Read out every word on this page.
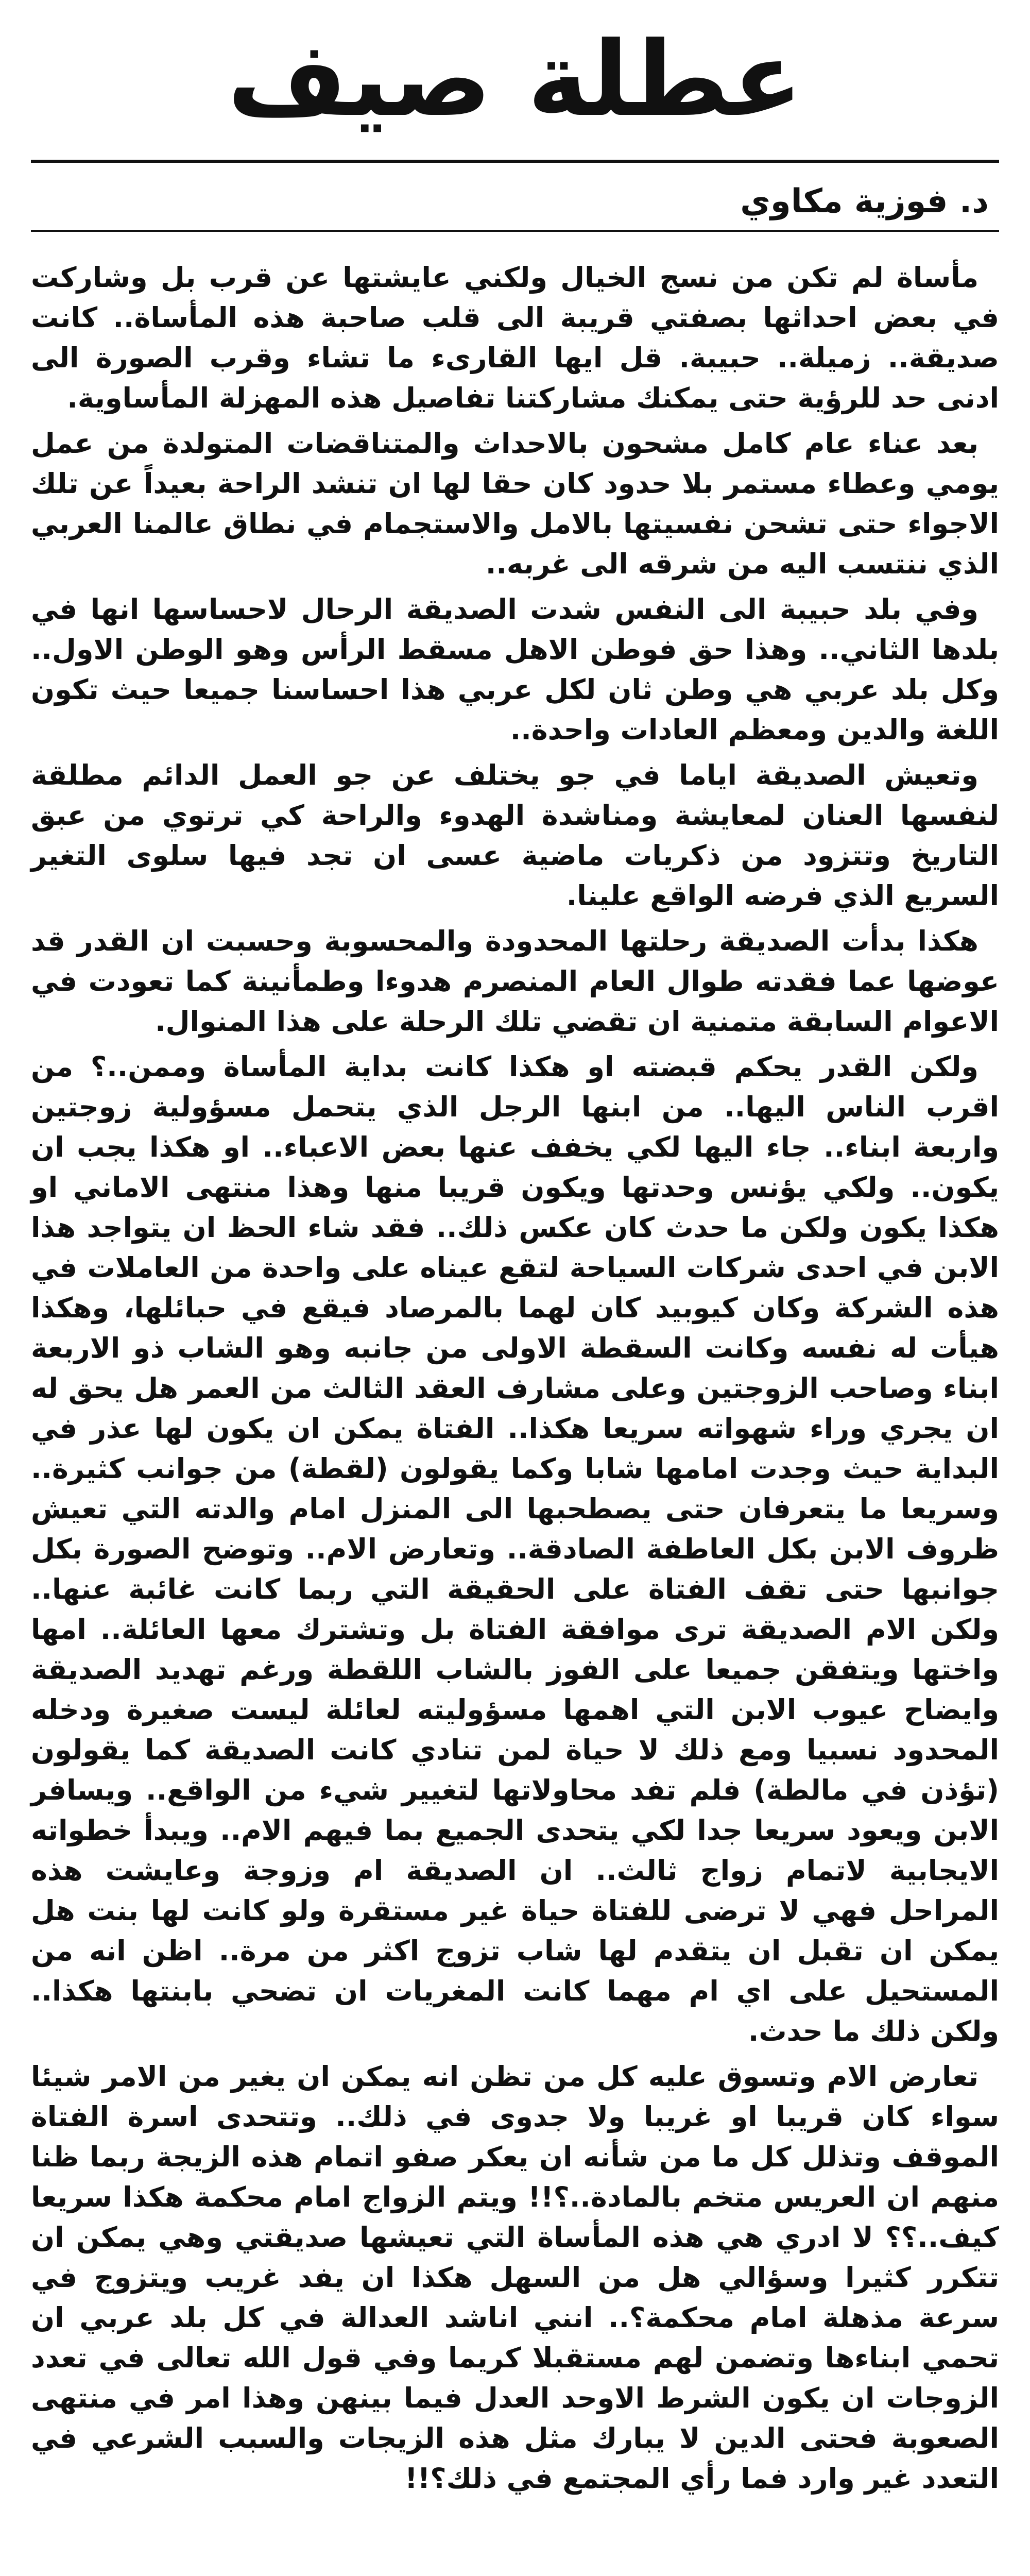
عطلة صيف
د. فوزية مكاوي

مأساة لم تكن من نسج الخيال ولكني عايشتها عن قرب بل وشاركت في بعض احداثها بصفتي قريبة الى قلب صاحبة هذه المأساة.. كانت صديقة.. زميلة.. حبيبة. قل ايها القارىء ما تشاء وقرب الصورة الى ادنى حد للرؤية حتى يمكنك مشاركتنا تفاصيل هذه المهزلة المأساوية.

بعد عناء عام كامل مشحون بالاحداث والمتناقضات المتولدة من عمل يومي وعطاء مستمر بلا حدود كان حقا لها ان تنشد الراحة بعيداً عن تلك الاجواء حتى تشحن نفسيتها بالامل والاستجمام في نطاق عالمنا العربي الذي ننتسب اليه من شرقه الى غربه..

وفي بلد حبيبة الى النفس شدت الصديقة الرحال لاحساسها انها في بلدها الثاني.. وهذا حق فوطن الاهل مسقط الرأس وهو الوطن الاول.. وكل بلد عربي هي وطن ثان لكل عربي هذا احساسنا جميعا حيث تكون اللغة والدين ومعظم العادات واحدة..

وتعيش الصديقة اياما في جو يختلف عن جو العمل الدائم مطلقة لنفسها العنان لمعايشة ومناشدة الهدوء والراحة كي ترتوي من عبق التاريخ وتتزود من ذكريات ماضية عسى ان تجد فيها سلوى التغير السريع الذي فرضه الواقع علينا.

هكذا بدأت الصديقة رحلتها المحدودة والمحسوبة وحسبت ان القدر قد عوضها عما فقدته طوال العام المنصرم هدوءا وطمأنينة كما تعودت في الاعوام السابقة متمنية ان تقضي تلك الرحلة على هذا المنوال.

ولكن القدر يحكم قبضته او هكذا كانت بداية المأساة وممن..؟ من اقرب الناس اليها.. من ابنها الرجل الذي يتحمل مسؤولية زوجتين واربعة ابناء.. جاء اليها لكي يخفف عنها بعض الاعباء.. او هكذا يجب ان يكون.. ولكي يؤنس وحدتها ويكون قريبا منها وهذا منتهى الاماني او هكذا يكون ولكن ما حدث كان عكس ذلك.. فقد شاء الحظ ان يتواجد هذا الابن في احدى شركات السياحة لتقع عيناه على واحدة من العاملات في هذه الشركة وكان كيوبيد كان لهما بالمرصاد فيقع في حبائلها، وهكذا هيأت له نفسه وكانت السقطة الاولى من جانبه وهو الشاب ذو الاربعة ابناء وصاحب الزوجتين وعلى مشارف العقد الثالث من العمر هل يحق له ان يجري وراء شهواته سريعا هكذا.. الفتاة يمكن ان يكون لها عذر في البداية حيث وجدت امامها شابا وكما يقولون (لقطة) من جوانب كثيرة.. وسريعا ما يتعرفان حتى يصطحبها الى المنزل امام والدته التي تعيش ظروف الابن بكل العاطفة الصادقة.. وتعارض الام.. وتوضح الصورة بكل جوانبها حتى تقف الفتاة على الحقيقة التي ربما كانت غائبة عنها.. ولكن الام الصديقة ترى موافقة الفتاة بل وتشترك معها العائلة.. امها واختها ويتفقن جميعا على الفوز بالشاب اللقطة ورغم تهديد الصديقة وايضاح عيوب الابن التي اهمها مسؤوليته لعائلة ليست صغيرة ودخله المحدود نسبيا ومع ذلك لا حياة لمن تنادي كانت الصديقة كما يقولون (تؤذن في مالطة) فلم تفد محاولاتها لتغيير شيء من الواقع.. ويسافر الابن ويعود سريعا جدا لكي يتحدى الجميع بما فيهم الام.. ويبدأ خطواته الايجابية لاتمام زواج ثالث.. ان الصديقة ام وزوجة وعايشت هذه المراحل فهي لا ترضى للفتاة حياة غير مستقرة ولو كانت لها بنت هل يمكن ان تقبل ان يتقدم لها شاب تزوج اكثر من مرة.. اظن انه من المستحيل على اي ام مهما كانت المغريات ان تضحي بابنتها هكذا.. ولكن ذلك ما حدث.

تعارض الام وتسوق عليه كل من تظن انه يمكن ان يغير من الامر شيئا سواء كان قريبا او غريبا ولا جدوى في ذلك.. وتتحدى اسرة الفتاة الموقف وتذلل كل ما من شأنه ان يعكر صفو اتمام هذه الزيجة ربما ظنا منهم ان العريس متخم بالمادة..؟!! ويتم الزواج امام محكمة هكذا سريعا كيف..؟؟ لا ادري هي هذه المأساة التي تعيشها صديقتي وهي يمكن ان تتكرر كثيرا وسؤالي هل من السهل هكذا ان يفد غريب ويتزوج في سرعة مذهلة امام محكمة؟.. انني اناشد العدالة في كل بلد عربي ان تحمي ابناءها وتضمن لهم مستقبلا كريما وفي قول الله تعالى في تعدد الزوجات ان يكون الشرط الاوحد العدل فيما بينهن وهذا امر في منتهى الصعوبة فحتى الدين لا يبارك مثل هذه الزيجات والسبب الشرعي في التعدد غير وارد فما رأي المجتمع في ذلك؟!!
